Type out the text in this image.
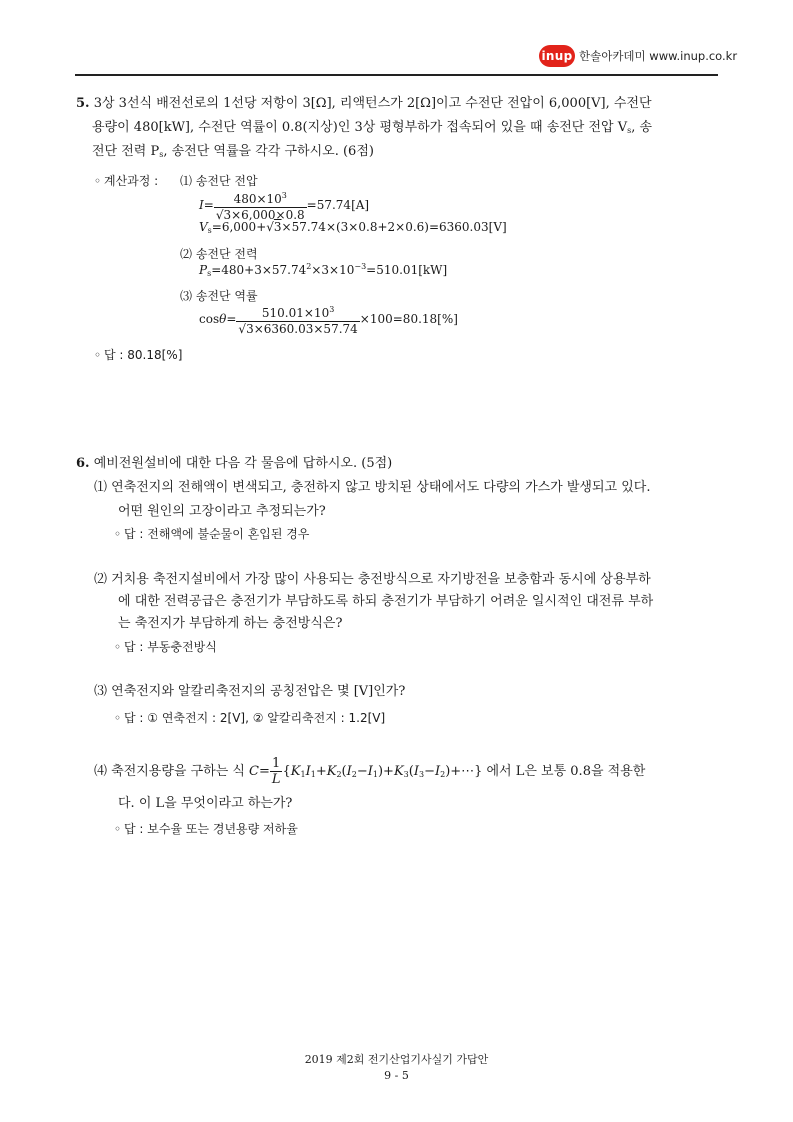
inup 한솔아카데미 www.inup.co.kr
5. 3상 3선식 배전선로의 1선당 저항이 3[Ω], 리액턴스가 2[Ω]이고 수전단 전압이 6,000[V], 수전단
용량이 480[kW], 수전단 역률이 0.8(지상)인 3상 평형부하가 접속되어 있을 때 송전단 전압 $V_s$, 송
전단 전력 $P_s$, 송전단 역률을 각각 구하시오. (6점)
◦ 계산과정 : ⑴ 송전단 전압
$I= \frac{480\times 10^3}{√3\times 6,000\times 0.8} =57.74[A]$
$V_s=6,000+√3\times 57.74\times(3\times 0.8+2\times 0.6)=6360.03[V]$
⑵ 송전단 전력
$P_s=480+3\times 57.74^2\times 3\times 10^{-3}=510.01[kW]$
⑶ 송전단 역률
$\cos\theta= \frac{510.01\times 10^3}{√3\times 6360.03\times 57.74} \times 100=80.18[\%]$
◦ 답 : 80.18[%]
6. 예비전원설비에 대한 다음 각 물음에 답하시오. (5점)
⑴ 연축전지의 전해액이 변색되고, 충전하지 않고 방치된 상태에서도 다량의 가스가 발생되고 있다.
어떤 원인의 고장이라고 추정되는가?
◦ 답 : 전해액에 불순물이 혼입된 경우
⑵ 거치용 축전지설비에서 가장 많이 사용되는 충전방식으로 자기방전을 보충함과 동시에 상용부하
에 대한 전력공급은 충전기가 부담하도록 하되 충전기가 부담하기 어려운 일시적인 대전류 부하
는 축전지가 부담하게 하는 충전방식은?
◦ 답 : 부동충전방식
⑶ 연축전지와 알칼리축전지의 공칭전압은 몇 [V]인가?
◦ 답 : ① 연축전지 : 2[V], ② 알칼리축전지 : 1.2[V]
⑷ 축전지용량을 구하는 식 $C= \frac{1}{L}$ $\{K_1I_1+K_2(I_2-I_1)+K_3(I_3-I_2)+\cdots\}$ 에서 L은 보통 0.8을 적용한
다. 이 L을 무엇이라고 하는가?
◦ 답 : 보수율 또는 경년용량 저하율
2019 제2회 전기산업기사실기 가답안
9 - 5
